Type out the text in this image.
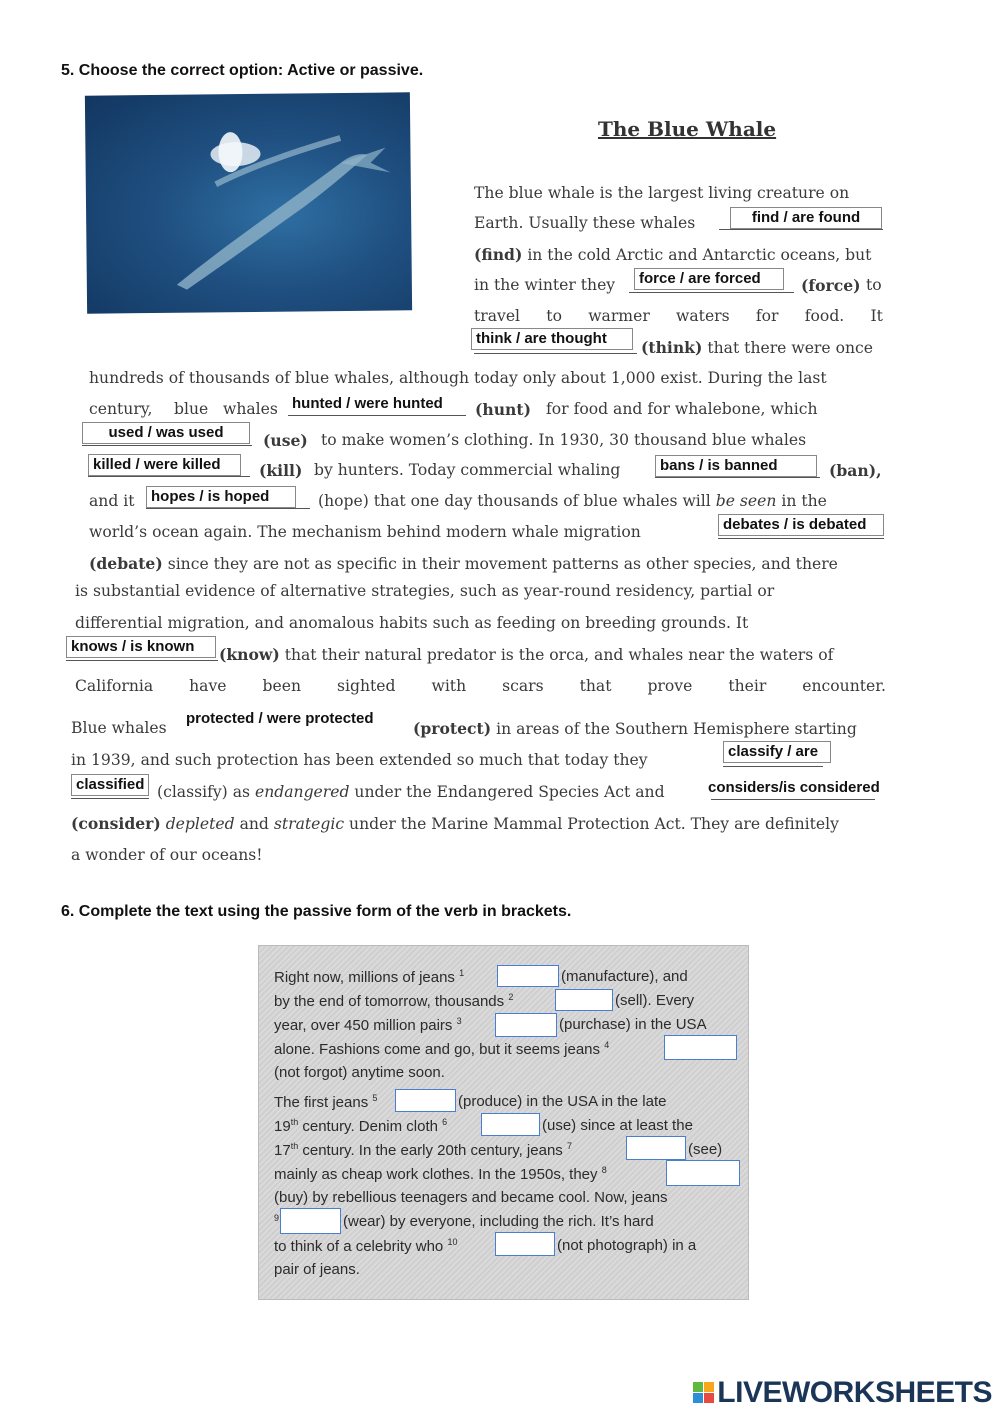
5. Choose the correct option: Active or passive.
The Blue Whale
The blue whale is the largest living creature on
Earth. Usually these whales	find / are found
(find) in the cold Arctic and Antarctic oceans, but
in the winter they	force / are forced	(force) to
travel to warmer waters for food. It
think / are thought	(think) that there were once
hundreds of thousands of blue whales, although today only about 1,000 exist. During the last
century, blue whales hunted / were hunted (hunt) for food and for whalebone, which
used / was used	(use) to make women’s clothing. In 1930, 30 thousand blue whales
killed / were killed	(kill) by hunters. Today commercial whaling	bans / is banned	(ban),
and it	hopes / is hoped	(hope) that one day thousands of blue whales will be seen in the
world’s ocean again. The mechanism behind modern whale migration	debates / is debated
(debate) since they are not as specific in their movement patterns as other species, and there
is substantial evidence of alternative strategies, such as year-round residency, partial or
differential migration, and anomalous habits such as feeding on breeding grounds. It
knows / is known	(know) that their natural predator is the orca, and whales near the waters of
California have been sighted with scars that prove their encounter.
Blue whales
protected / were protected
(protect) in areas of the Southern Hemisphere starting
in 1939, and such protection has been extended so much that today they	classify / are
classified (classify) as endangered under the Endangered Species Act and	considers/is considered
(consider) depleted and strategic under the Marine Mammal Protection Act. They are definitely
a wonder of our oceans!
6. Complete the text using the passive form of the verb in brackets.
Right now, millions of jeans $^1$	(manufacture), and
by the end of tomorrow, thousands $^2$	(sell). Every
year, over 450 million pairs $^3$	(purchase) in the USA
alone. Fashions come and go, but it seems jeans $^4$
(not forgot) anytime soon.
The first jeans $^5$	(produce) in the USA in the late
19th century. Denim cloth $^6$	(use) since at least the
17th century. In the early 20th century, jeans $^7$	(see)
mainly as cheap work clothes. In the 1950s, they $^8$
(buy) by rebellious teenagers and became cool. Now, jeans
$^9$	(wear) by everyone, including the rich. It’s hard
to think of a celebrity who $^{10}$	(not photograph) in a
pair of jeans.
LIVEWORKSHEETS
